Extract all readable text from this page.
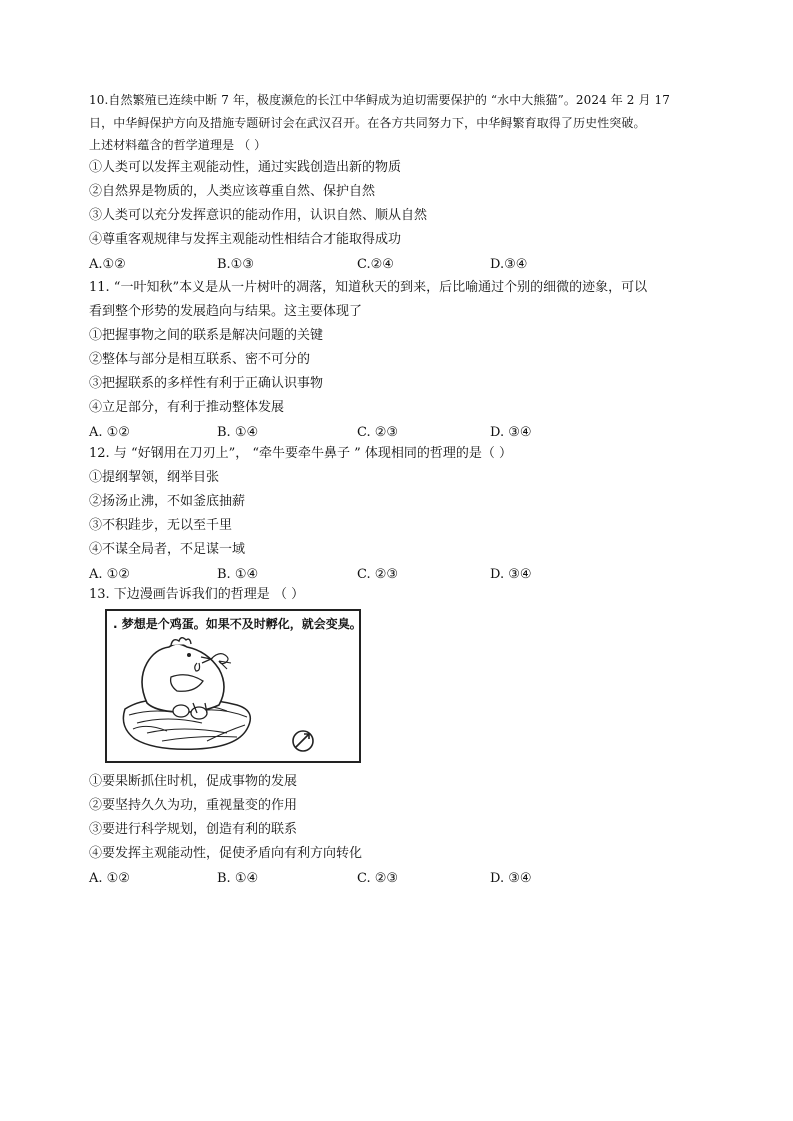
10.自然繁殖已连续中断 7 年，极度濒危的长江中华鲟成为迫切需要保护的 “水中大熊猫”。2024 年 2 月 17
日，中华鲟保护方向及措施专题研讨会在武汉召开。在各方共同努力下，中华鲟繁育取得了历史性突破。
上述材料蕴含的哲学道理是 （ ）
①人类可以发挥主观能动性，通过实践创造出新的物质
②自然界是物质的，人类应该尊重自然、保护自然
③人类可以充分发挥意识的能动作用，认识自然、顺从自然
④尊重客观规律与发挥主观能动性相结合才能取得成功
A.①②	B.①③	C.②④	D.③④
11. “一叶知秋”本义是从一片树叶的凋落，知道秋天的到来，后比喻通过个别的细微的迹象，可以
看到整个形势的发展趋向与结果。这主要体现了
①把握事物之间的联系是解决问题的关键
②整体与部分是相互联系、密不可分的
③把握联系的多样性有利于正确认识事物
④立足部分，有利于推动整体发展
A. ①②	B. ①④	C. ②③	D. ③④
12. 与 “好钢用在刀刃上”， “牵牛要牵牛鼻子 ” 体现相同的哲理的是（ ）
①提纲挈领，纲举目张
②扬汤止沸，不如釜底抽薪
③不积跬步，无以至千里
④不谋全局者，不足谋一域
A. ①②	B. ①④	C. ②③	D. ③④
13. 下边漫画告诉我们的哲理是 （ ）
. 梦想是个鸡蛋。如果不及时孵化，就会变臭。
①要果断抓住时机，促成事物的发展
②要坚持久久为功，重视量变的作用
③要进行科学规划，创造有利的联系
④要发挥主观能动性，促使矛盾向有利方向转化
A. ①②	B. ①④	C. ②③	D. ③④
